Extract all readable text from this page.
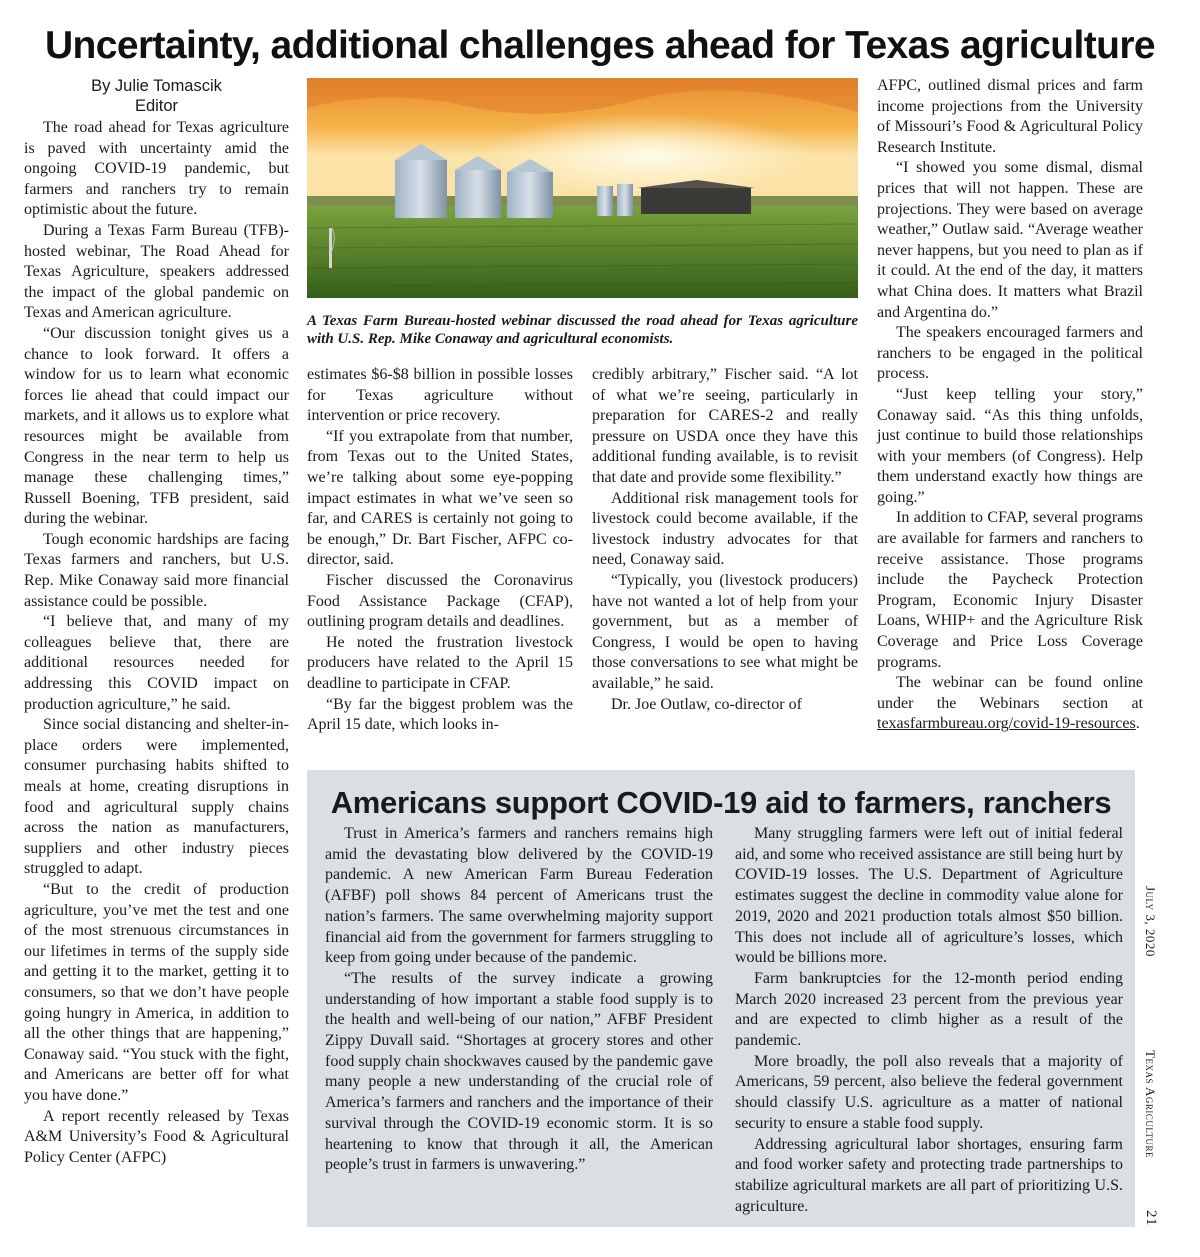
Uncertainty, additional challenges ahead for Texas agriculture
By Julie Tomascik
Editor

The road ahead for Texas agriculture is paved with uncertainty amid the ongoing COVID-19 pandemic, but farmers and ranchers try to remain optimistic about the future.

During a Texas Farm Bureau (TFB)-hosted webinar, The Road Ahead for Texas Agriculture, speakers addressed the impact of the global pandemic on Texas and American agriculture.

“Our discussion tonight gives us a chance to look forward. It offers a window for us to learn what economic forces lie ahead that could impact our markets, and it allows us to explore what resources might be available from Congress in the near term to help us manage these challenging times,” Russell Boening, TFB president, said during the webinar.

Tough economic hardships are facing Texas farmers and ranchers, but U.S. Rep. Mike Conaway said more financial assistance could be possible.

“I believe that, and many of my colleagues believe that, there are additional resources needed for addressing this COVID impact on production agriculture,” he said.

Since social distancing and shelter-in-place orders were implemented, consumer purchasing habits shifted to meals at home, creating disruptions in food and agricultural supply chains across the nation as manufacturers, suppliers and other industry pieces struggled to adapt.

“But to the credit of production agriculture, you’ve met the test and one of the most strenuous circumstances in our lifetimes in terms of the supply side and getting it to the market, getting it to consumers, so that we don’t have people going hungry in America, in addition to all the other things that are happening,” Conaway said. “You stuck with the fight, and Americans are better off for what you have done.”

A report recently released by Texas A&M University’s Food & Agricultural Policy Center (AFPC)

A Texas Farm Bureau-hosted webinar discussed the road ahead for Texas agriculture with U.S. Rep. Mike Conaway and agricultural economists.

estimates $6-$8 billion in possible losses for Texas agriculture without intervention or price recovery.

“If you extrapolate from that number, from Texas out to the United States, we’re talking about some eye-popping impact estimates in what we’ve seen so far, and CARES is certainly not going to be enough,” Dr. Bart Fischer, AFPC co-director, said.

Fischer discussed the Coronavirus Food Assistance Package (CFAP), outlining program details and deadlines.

He noted the frustration livestock producers have related to the April 15 deadline to participate in CFAP.

“By far the biggest problem was the April 15 date, which looks in-

credibly arbitrary,” Fischer said. “A lot of what we’re seeing, particularly in preparation for CARES-2 and really pressure on USDA once they have this additional funding available, is to revisit that date and provide some flexibility.”

Additional risk management tools for livestock could become available, if the livestock industry advocates for that need, Conaway said.

“Typically, you (livestock producers) have not wanted a lot of help from your government, but as a member of Congress, I would be open to having those conversations to see what might be available,” he said.

Dr. Joe Outlaw, co-director of

AFPC, outlined dismal prices and farm income projections from the University of Missouri’s Food & Agricultural Policy Research Institute.

“I showed you some dismal, dismal prices that will not happen. These are projections. They were based on average weather,” Outlaw said. “Average weather never happens, but you need to plan as if it could. At the end of the day, it matters what China does. It matters what Brazil and Argentina do.”

The speakers encouraged farmers and ranchers to be engaged in the political process.

“Just keep telling your story,” Conaway said. “As this thing unfolds, just continue to build those relationships with your members (of Congress). Help them understand exactly how things are going.”

In addition to CFAP, several programs are available for farmers and ranchers to receive assistance. Those programs include the Paycheck Protection Program, Economic Injury Disaster Loans, WHIP+ and the Agriculture Risk Coverage and Price Loss Coverage programs.

The webinar can be found online under the Webinars section at texasfarmbureau.org/covid-19-resources.

Americans support COVID-19 aid to farmers, ranchers

Trust in America’s farmers and ranchers remains high amid the devastating blow delivered by the COVID-19 pandemic. A new American Farm Bureau Federation (AFBF) poll shows 84 percent of Americans trust the nation’s farmers. The same overwhelming majority support financial aid from the government for farmers struggling to keep from going under because of the pandemic.

“The results of the survey indicate a growing understanding of how important a stable food supply is to the health and well-being of our nation,” AFBF President Zippy Duvall said. “Shortages at grocery stores and other food supply chain shockwaves caused by the pandemic gave many people a new understanding of the crucial role of America’s farmers and ranchers and the importance of their survival through the COVID-19 economic storm. It is so heartening to know that through it all, the American people’s trust in farmers is unwavering.”

Many struggling farmers were left out of initial federal aid, and some who received assistance are still being hurt by COVID-19 losses. The U.S. Department of Agriculture estimates suggest the decline in commodity value alone for 2019, 2020 and 2021 production totals almost $50 billion. This does not include all of agriculture’s losses, which would be billions more.

Farm bankruptcies for the 12-month period ending March 2020 increased 23 percent from the previous year and are expected to climb higher as a result of the pandemic.

More broadly, the poll also reveals that a majority of Americans, 59 percent, also believe the federal government should classify U.S. agriculture as a matter of national security to ensure a stable food supply.

Addressing agricultural labor shortages, ensuring farm and food worker safety and protecting trade partnerships to stabilize agricultural markets are all part of prioritizing U.S. agriculture.

July 3, 2020
Texas Agriculture
21
